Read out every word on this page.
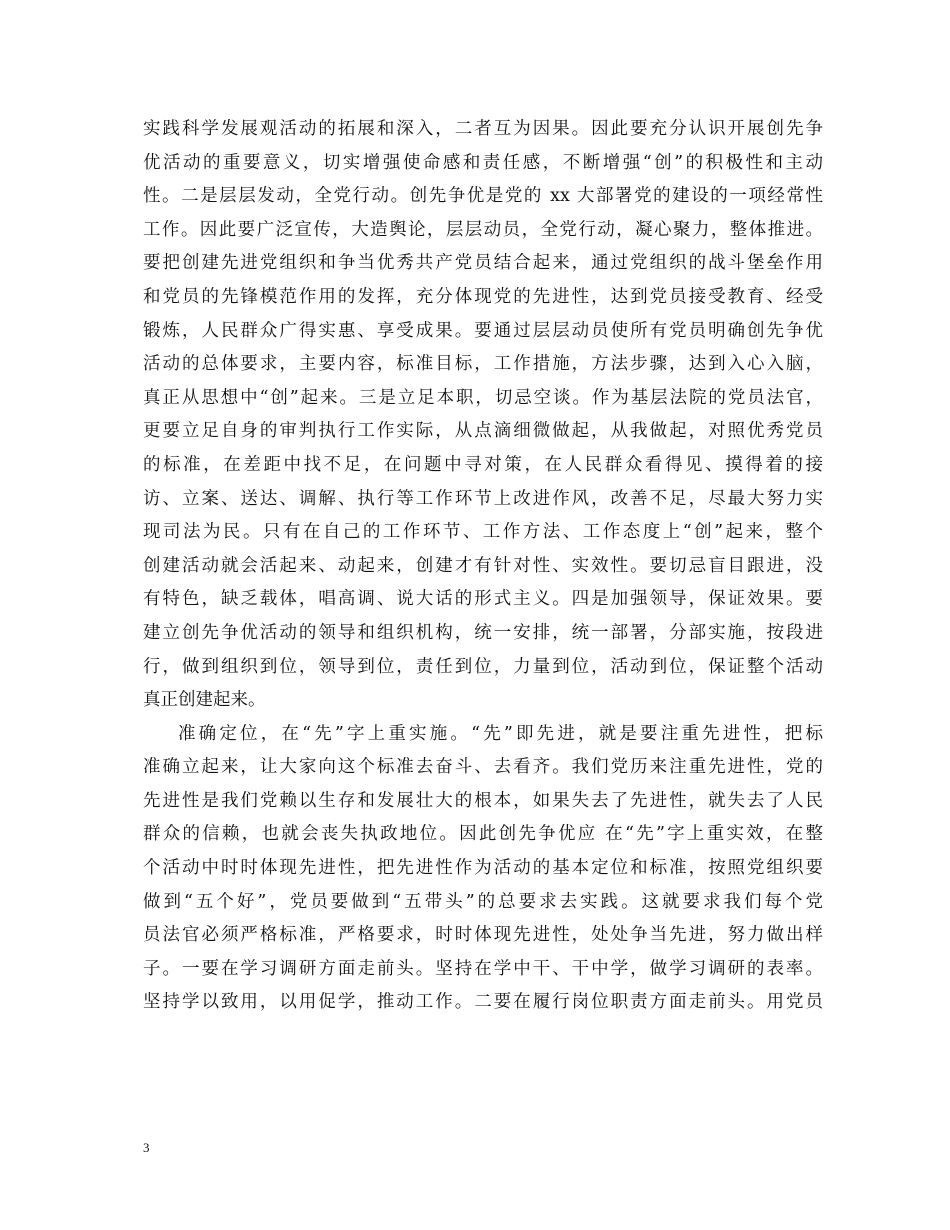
实践科学发展观活动的拓展和深入，二者互为因果。因此要充分认识开展创先争
优活动的重要意义，切实增强使命感和责任感，不断增强“创”的积极性和主动
性。二是层层发动，全党行动。创先争优是党的 xx 大部署党的建设的一项经常性
工作。因此要广泛宣传，大造舆论，层层动员，全党行动，凝心聚力，整体推进。
要把创建先进党组织和争当优秀共产党员结合起来，通过党组织的战斗堡垒作用
和党员的先锋模范作用的发挥，充分体现党的先进性，达到党员接受教育、经受
锻炼，人民群众广得实惠、享受成果。要通过层层动员使所有党员明确创先争优
活动的总体要求，主要内容，标准目标，工作措施，方法步骤，达到入心入脑，
真正从思想中“创”起来。三是立足本职，切忌空谈。作为基层法院的党员法官，
更要立足自身的审判执行工作实际，从点滴细微做起，从我做起，对照优秀党员
的标准，在差距中找不足，在问题中寻对策，在人民群众看得见、摸得着的接
访、立案、送达、调解、执行等工作环节上改进作风，改善不足，尽最大努力实
现司法为民。只有在自己的工作环节、工作方法、工作态度上“创”起来，整个
创建活动就会活起来、动起来，创建才有针对性、实效性。要切忌盲目跟进，没
有特色，缺乏载体，唱高调、说大话的形式主义。四是加强领导，保证效果。要
建立创先争优活动的领导和组织机构，统一安排，统一部署，分部实施，按段进
行，做到组织到位，领导到位，责任到位，力量到位，活动到位，保证整个活动
真正创建起来。
准确定位，在“先”字上重实施。“先”即先进，就是要注重先进性，把标
准确立起来，让大家向这个标准去奋斗、去看齐。我们党历来注重先进性，党的
先进性是我们党赖以生存和发展壮大的根本，如果失去了先进性，就失去了人民
群众的信赖，也就会丧失执政地位。因此创先争优应 在“先”字上重实效，在整
个活动中时时体现先进性，把先进性作为活动的基本定位和标准，按照党组织要
做到“五个好”，党员要做到“五带头”的总要求去实践。这就要求我们每个党
员法官必须严格标准，严格要求，时时体现先进性，处处争当先进，努力做出样
子。一要在学习调研方面走前头。坚持在学中干、干中学，做学习调研的表率。
坚持学以致用，以用促学，推动工作。二要在履行岗位职责方面走前头。用党员
3
